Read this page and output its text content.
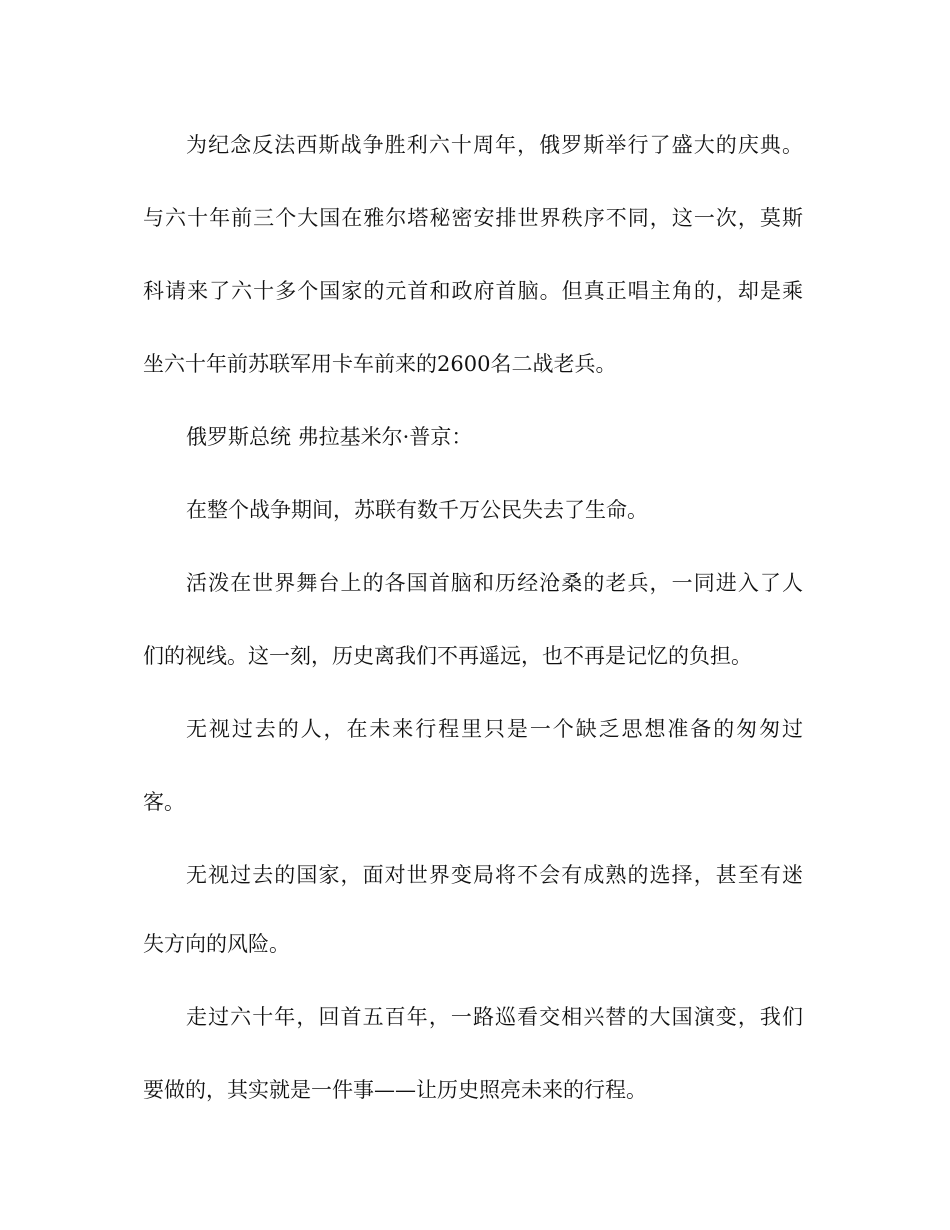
为纪念反法西斯战争胜利六十周年，俄罗斯举行了盛大的庆典。
与六十年前三个大国在雅尔塔秘密安排世界秩序不同，这一次，莫斯
科请来了六十多个国家的元首和政府首脑。但真正唱主角的，却是乘
坐六十年前苏联军用卡车前来的2600名二战老兵。
俄罗斯总统 弗拉基米尔·普京：
在整个战争期间，苏联有数千万公民失去了生命。
活泼在世界舞台上的各国首脑和历经沧桑的老兵，一同进入了人
们的视线。这一刻，历史离我们不再遥远，也不再是记忆的负担。
无视过去的人，在未来行程里只是一个缺乏思想准备的匆匆过
客。
无视过去的国家，面对世界变局将不会有成熟的选择，甚至有迷
失方向的风险。
走过六十年，回首五百年，一路巡看交相兴替的大国演变，我们
要做的，其实就是一件事——让历史照亮未来的行程。
